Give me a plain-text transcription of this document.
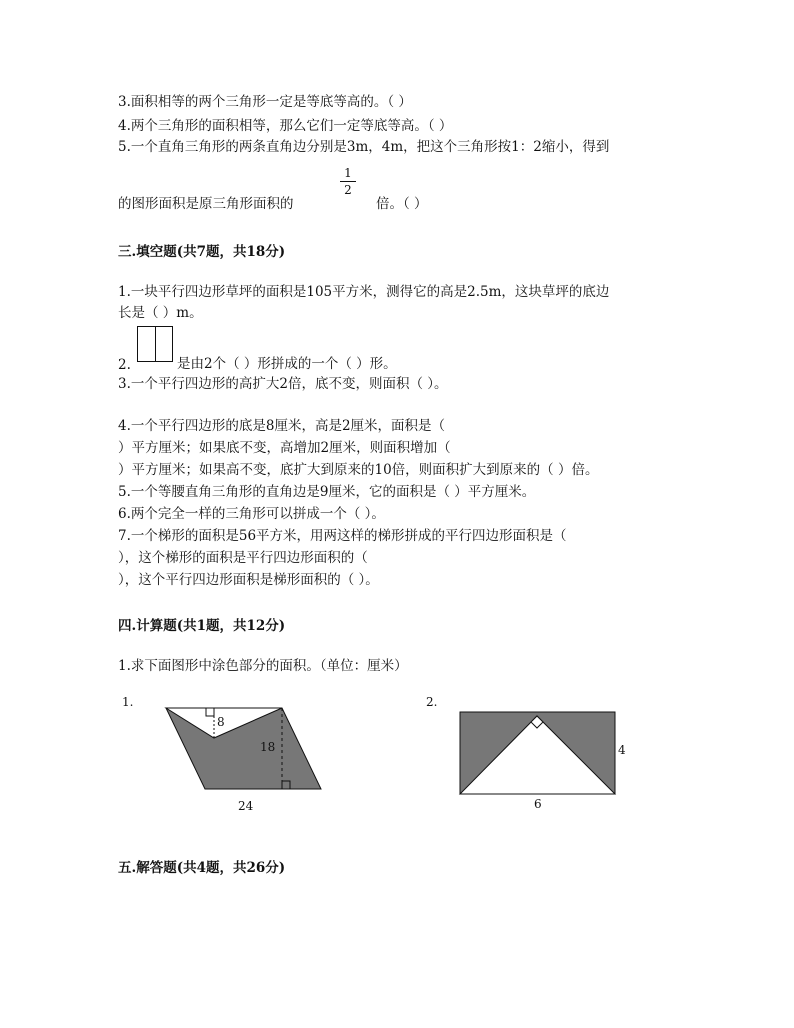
3.面积相等的两个三角形一定是等底等高的。（ ）
4.两个三角形的面积相等，那么它们一定等底等高。（ ）
5.一个直角三角形的两条直角边分别是3m，4m，把这个三角形按1：2缩小，得到
的图形面积是原三角形面积的
1
2
倍。（ ）
三.填空题(共7题，共18分)
1.一块平行四边形草坪的面积是105平方米，测得它的高是2.5m，这块草坪的底边
长是（ ）m。
2.	是由2个（ ）形拼成的一个（ ）形。
3.一个平行四边形的高扩大2倍，底不变，则面积（ ）。
4.一个平行四边形的底是8厘米，高是2厘米，面积是（
）平方厘米；如果底不变，高增加2厘米，则面积增加（
）平方厘米；如果高不变，底扩大到原来的10倍，则面积扩大到原来的（ ）倍。
5.一个等腰直角三角形的直角边是9厘米，它的面积是（ ）平方厘米。
6.两个完全一样的三角形可以拼成一个（ ）。
7.一个梯形的面积是56平方米，用两这样的梯形拼成的平行四边形面积是（
），这个梯形的面积是平行四边形面积的（
），这个平行四边形面积是梯形面积的（ ）。
四.计算题(共1题，共12分)
1.求下面图形中涂色部分的面积。（单位：厘米）
1.
8
18
24
2.
4
6
五.解答题(共4题，共26分)
